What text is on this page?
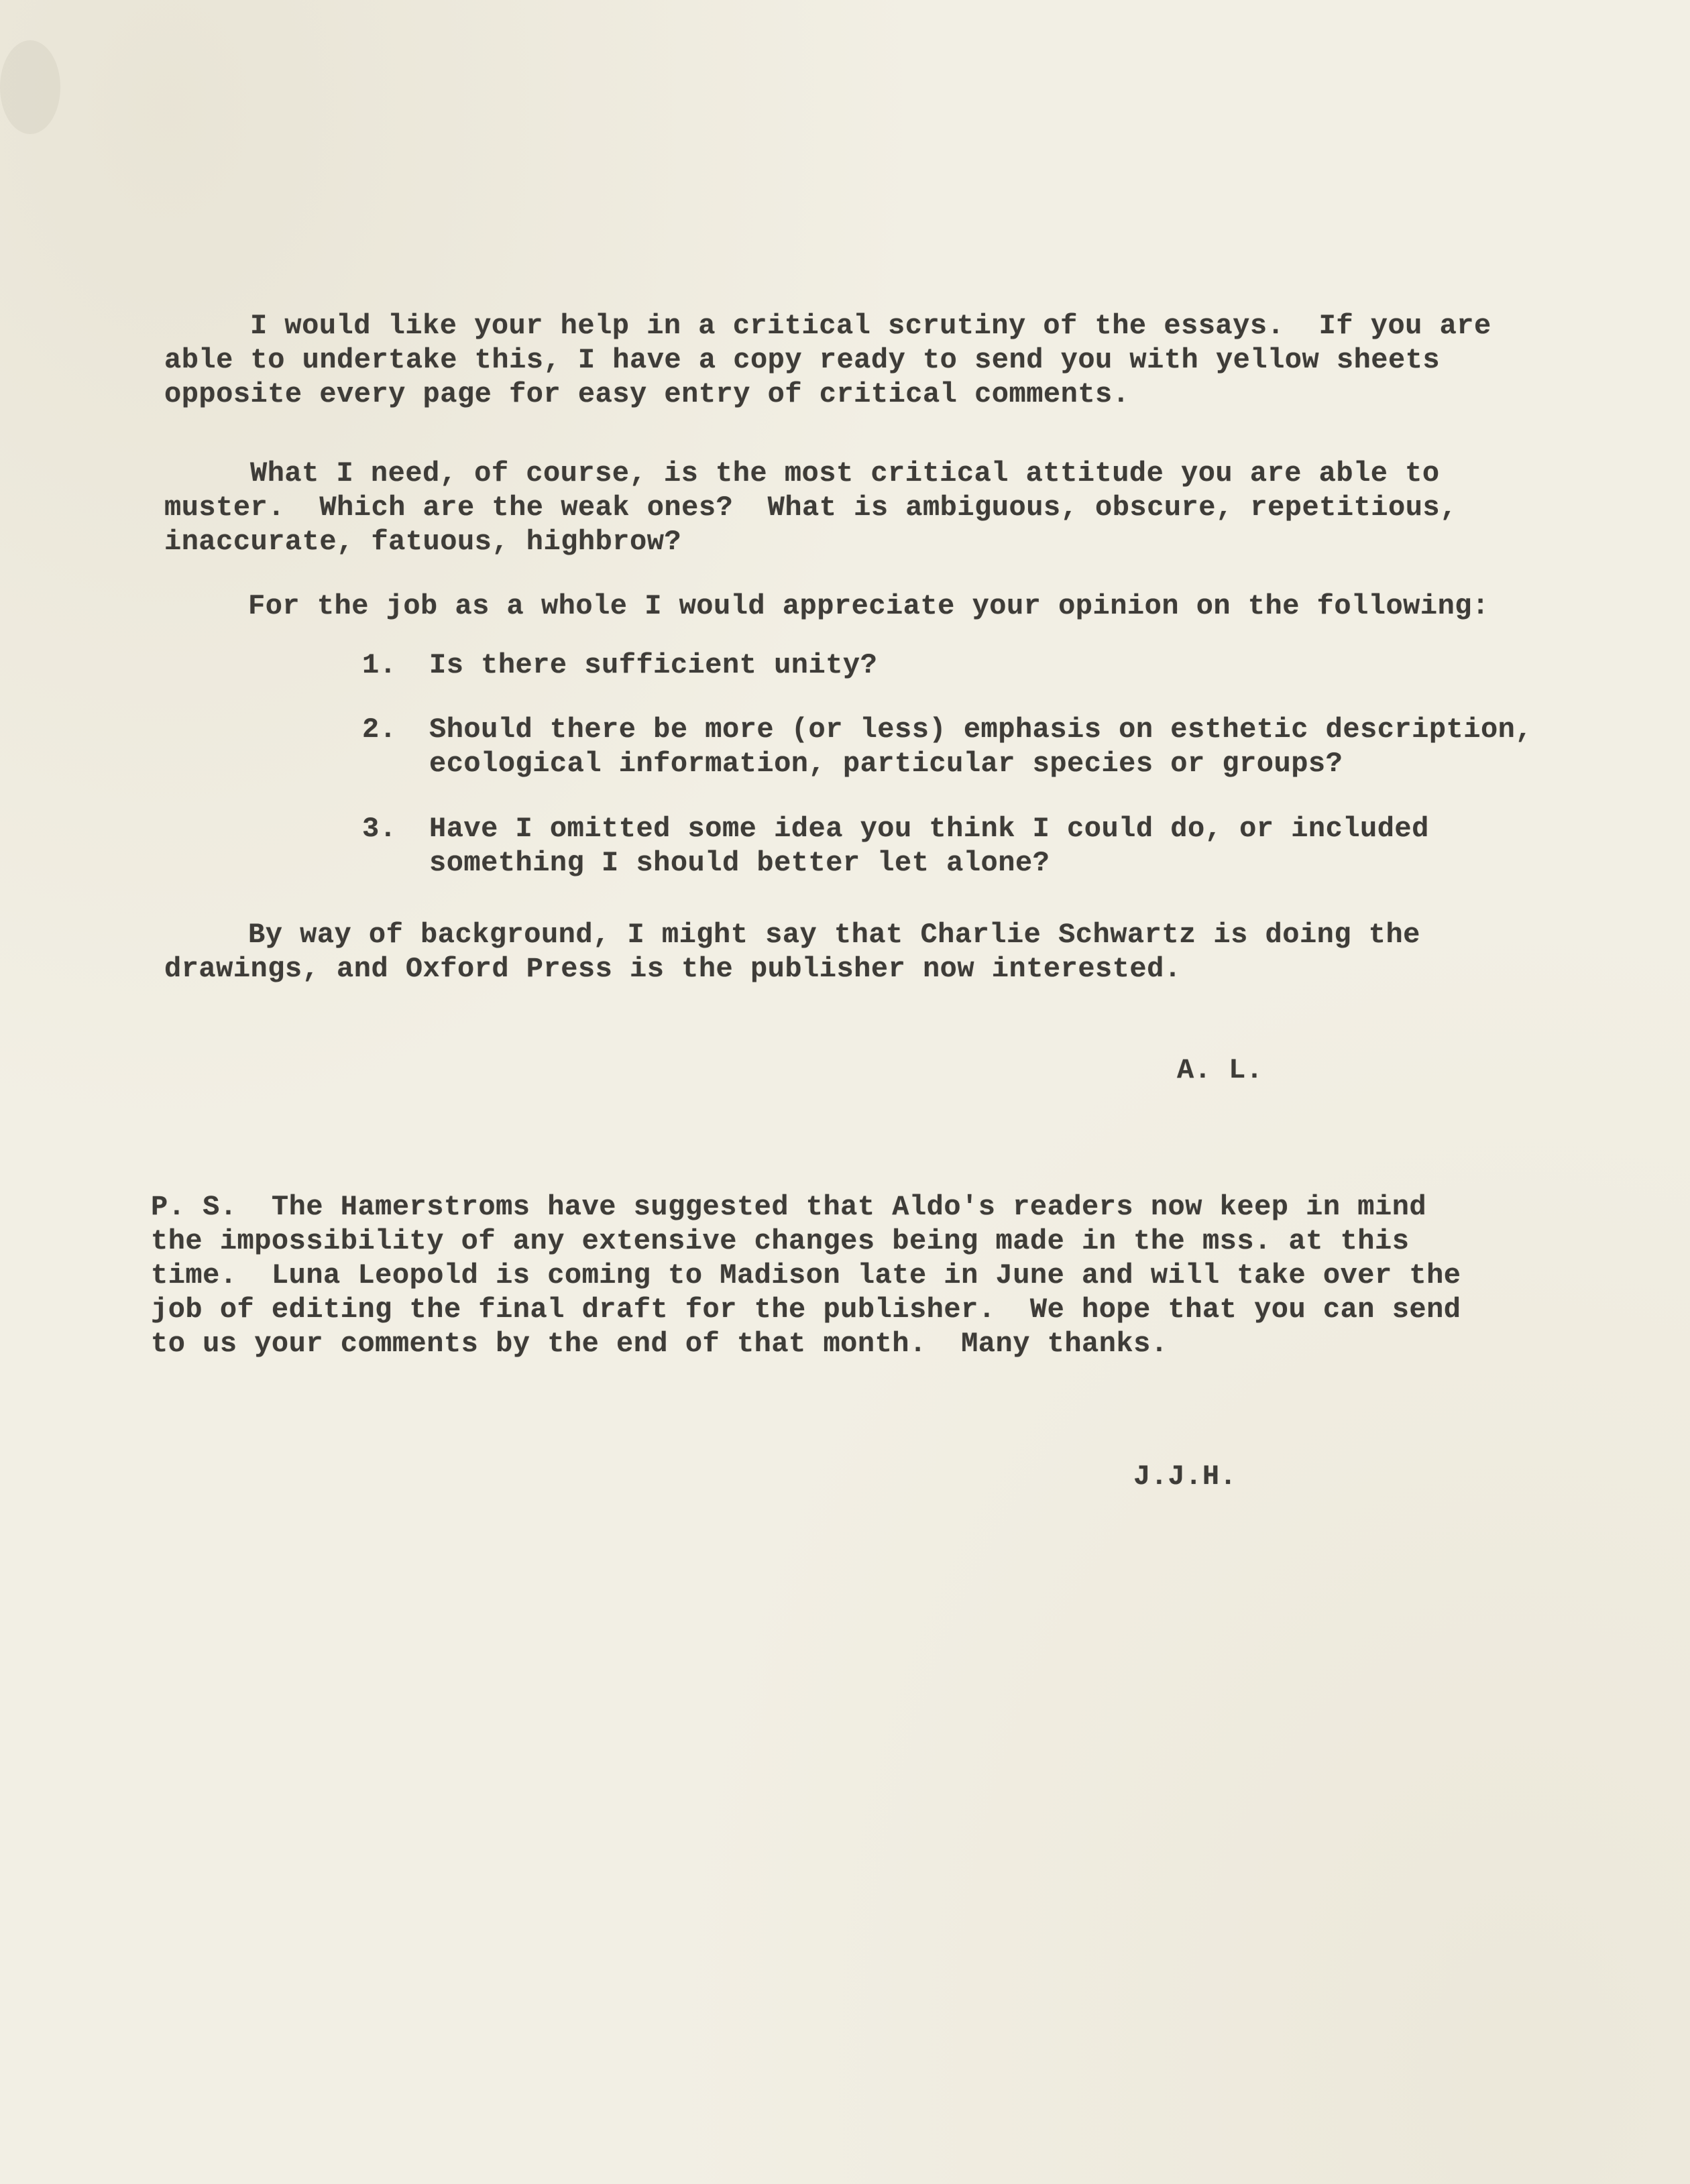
I would like your help in a critical scrutiny of the essays.  If you are
able to undertake this, I have a copy ready to send you with yellow sheets
opposite every page for easy entry of critical comments.
What I need, of course, is the most critical attitude you are able to
muster.  Which are the weak ones?  What is ambiguous, obscure, repetitious,
inaccurate, fatuous, highbrow?
For the job as a whole I would appreciate your opinion on the following:
1. Is there sufficient unity?
2. Should there be more (or less) emphasis on esthetic description,
ecological information, particular species or groups?
3. Have I omitted some idea you think I could do, or included
something I should better let alone?
By way of background, I might say that Charlie Schwartz is doing the
drawings, and Oxford Press is the publisher now interested.
A. L.
P. S.  The Hamerstroms have suggested that Aldo's readers now keep in mind
the impossibility of any extensive changes being made in the mss. at this
time.  Luna Leopold is coming to Madison late in June and will take over the
job of editing the final draft for the publisher.  We hope that you can send
to us your comments by the end of that month.  Many thanks.
J.J.H.
